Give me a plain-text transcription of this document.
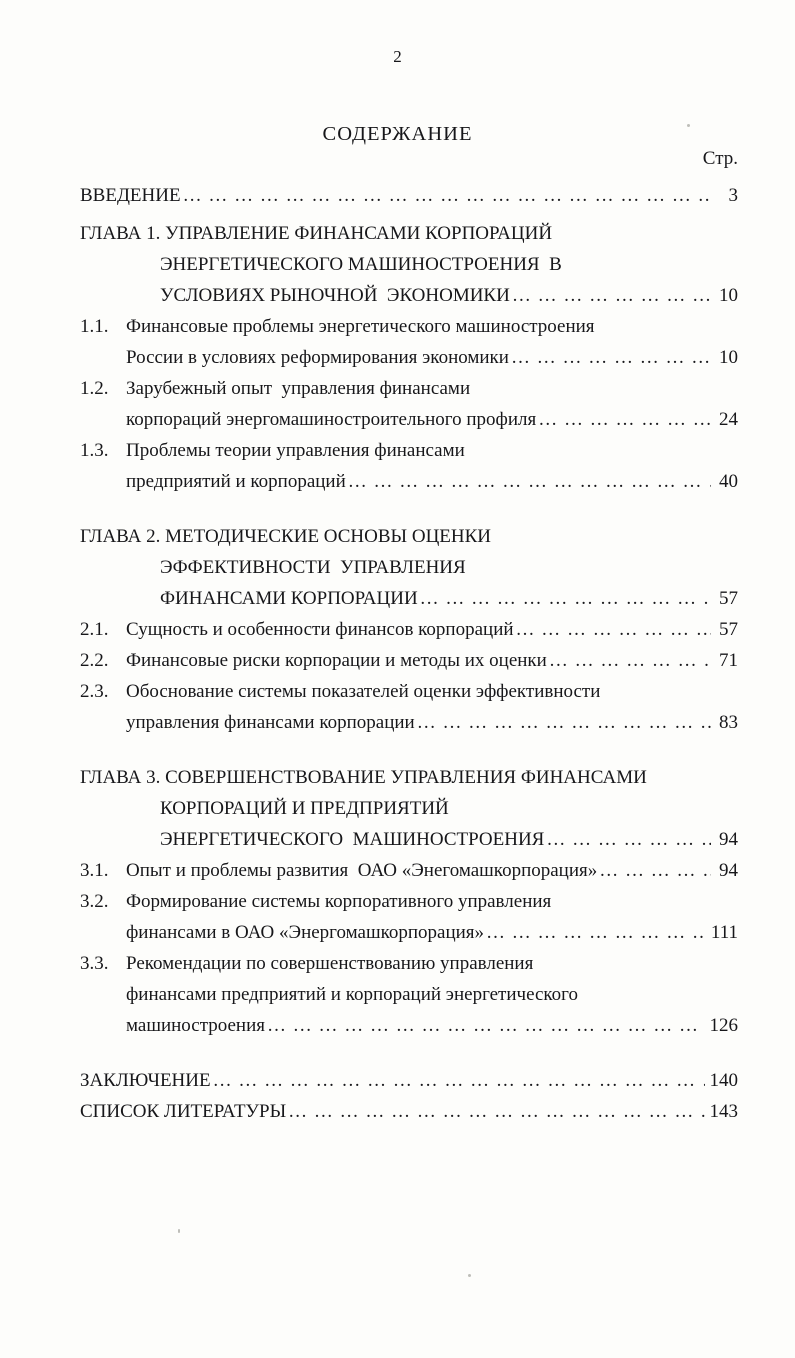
2
СОДЕРЖАНИЕ
Стр.
ВВЕДЕНИЕ … … … … … … … … … … … … … … … … … … … … … … … … … … … … … … … … … … … …	3
ГЛАВА 1. УПРАВЛЕНИЕ ФИНАНСАМИ КОРПОРАЦИЙ
ЭНЕРГЕТИЧЕСКОГО МАШИНОСТРОЕНИЯ  В
УСЛОВИЯХ РЫНОЧНОЙ  ЭКОНОМИКИ … … … … … … … … … … … … … … … … … … … … … … … … … … … … … … … … … … … …	10
1.1. Финансовые проблемы энергетического машиностроения
России в условиях реформирования экономики … … … … … … … … … … … … … … … … … … … … … … … … … … … … … … … … … … … …	10
1.2. Зарубежный опыт  управления финансами
корпораций энергомашиностроительного профиля … … … … … … … … … … … … … … … … … … … … … … … … … … … … … … … … … … … …	24
1.3. Проблемы теории управления финансами
предприятий и корпораций … … … … … … … … … … … … … … … … … … … … … … … … … … … … … … … … … … … …	40
ГЛАВА 2. МЕТОДИЧЕСКИЕ ОСНОВЫ ОЦЕНКИ
ЭФФЕКТИВНОСТИ  УПРАВЛЕНИЯ
ФИНАНСАМИ КОРПОРАЦИИ … … … … … … … … … … … … … … … … … … … … … … … … … … … … … … … … … … … …	57
2.1. Сущность и особенности финансов корпораций … … … … … … … … … … … … … … … … … … … … … … … … … … … … … … … … … … … …	57
2.2. Финансовые риски корпорации и методы их оценки … … … … … … … … … … … … … … … … … … … … … … … … … … … … … … … … … … … …	71
2.3. Обоснование системы показателей оценки эффективности
управления финансами корпорации … … … … … … … … … … … … … … … … … … … … … … … … … … … … … … … … … … … …	83
ГЛАВА 3. СОВЕРШЕНСТВОВАНИЕ УПРАВЛЕНИЯ ФИНАНСАМИ
КОРПОРАЦИЙ И ПРЕДПРИЯТИЙ
ЭНЕРГЕТИЧЕСКОГО  МАШИНОСТРОЕНИЯ … … … … … … … … … … … … … … … … … … … … … … … … … … … … … … … … … … … …	94
3.1. Опыт и проблемы развития  ОАО «Энегомашкорпорация» … … … … … … … … … … … … … … … … … … … … … … … … … … … … … … … … … … … …	94
3.2. Формирование системы корпоративного управления
финансами в ОАО «Энергомашкорпорация» … … … … … … … … … … … … … … … … … … … … … … … … … … … … … … … … … … … …	111
3.3. Рекомендации по совершенствованию управления
финансами предприятий и корпораций энергетического
машиностроения … … … … … … … … … … … … … … … … … … … … … … … … … … … … … … … … … … … …	126
ЗАКЛЮЧЕНИЕ … … … … … … … … … … … … … … … … … … … … … … … … … … … … … … … … … … … …	140
СПИСОК ЛИТЕРАТУРЫ … … … … … … … … … … … … … … … … … … … … … … … … … … … … … … … … … … … …	143
